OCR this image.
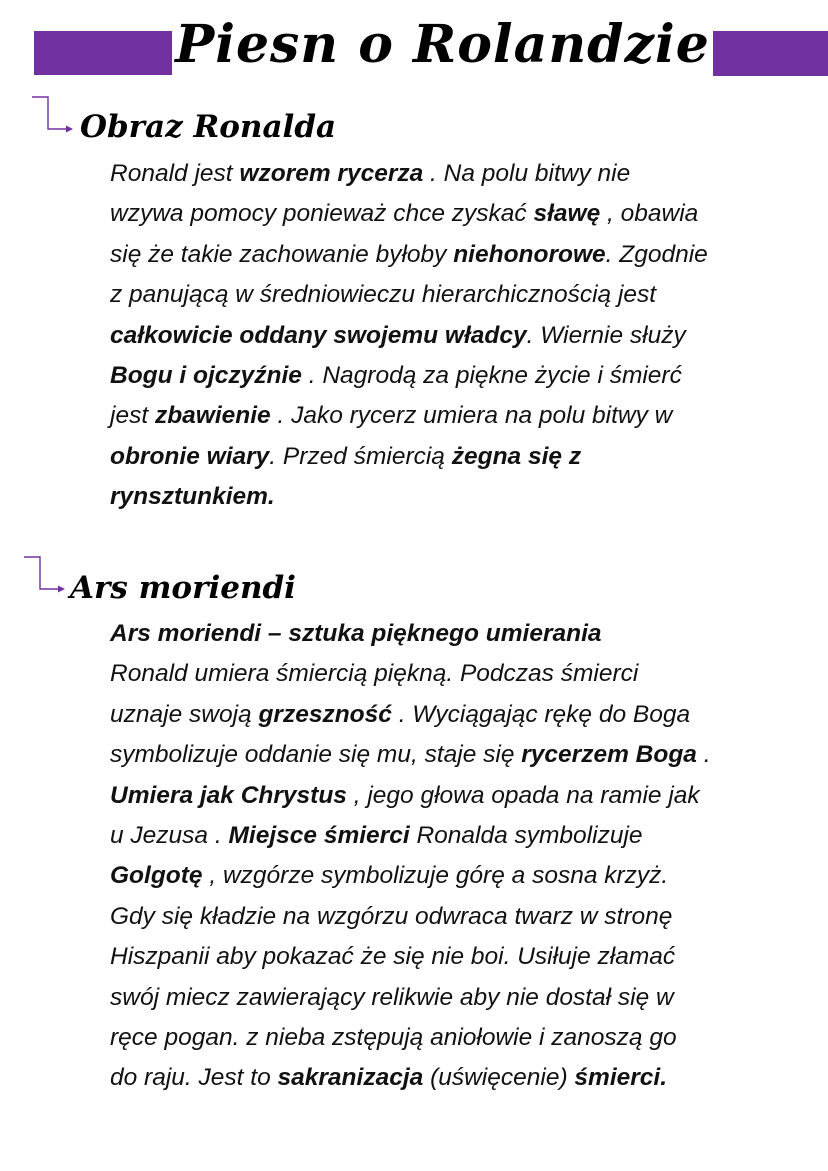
Piesn o Rolandzie
Obraz Ronalda
Ronald jest wzorem rycerza . Na polu bitwy nie
wzywa pomocy ponieważ chce zyskać sławę , obawia
się że takie zachowanie byłoby niehonorowe. Zgodnie
z panującą w średniowieczu hierarchicznością jest
całkowicie oddany swojemu władcy. Wiernie służy
Bogu i ojczyźnie . Nagrodą za piękne życie i śmierć
jest zbawienie . Jako rycerz umiera na polu bitwy w
obronie wiary. Przed śmiercią żegna się z
rynsztunkiem.
Ars moriendi
Ars moriendi – sztuka pięknego umierania
Ronald umiera śmiercią piękną. Podczas śmierci
uznaje swoją grzeszność . Wyciągając rękę do Boga
symbolizuje oddanie się mu, staje się rycerzem Boga .
Umiera jak Chrystus , jego głowa opada na ramie jak
u Jezusa . Miejsce śmierci Ronalda symbolizuje
Golgotę , wzgórze symbolizuje górę a sosna krzyż.
Gdy się kładzie na wzgórzu odwraca twarz w stronę
Hiszpanii aby pokazać że się nie boi. Usiłuje złamać
swój miecz zawierający relikwie aby nie dostał się w
ręce pogan. z nieba zstępują aniołowie i zanoszą go
do raju. Jest to sakranizacja (uświęcenie) śmierci.
